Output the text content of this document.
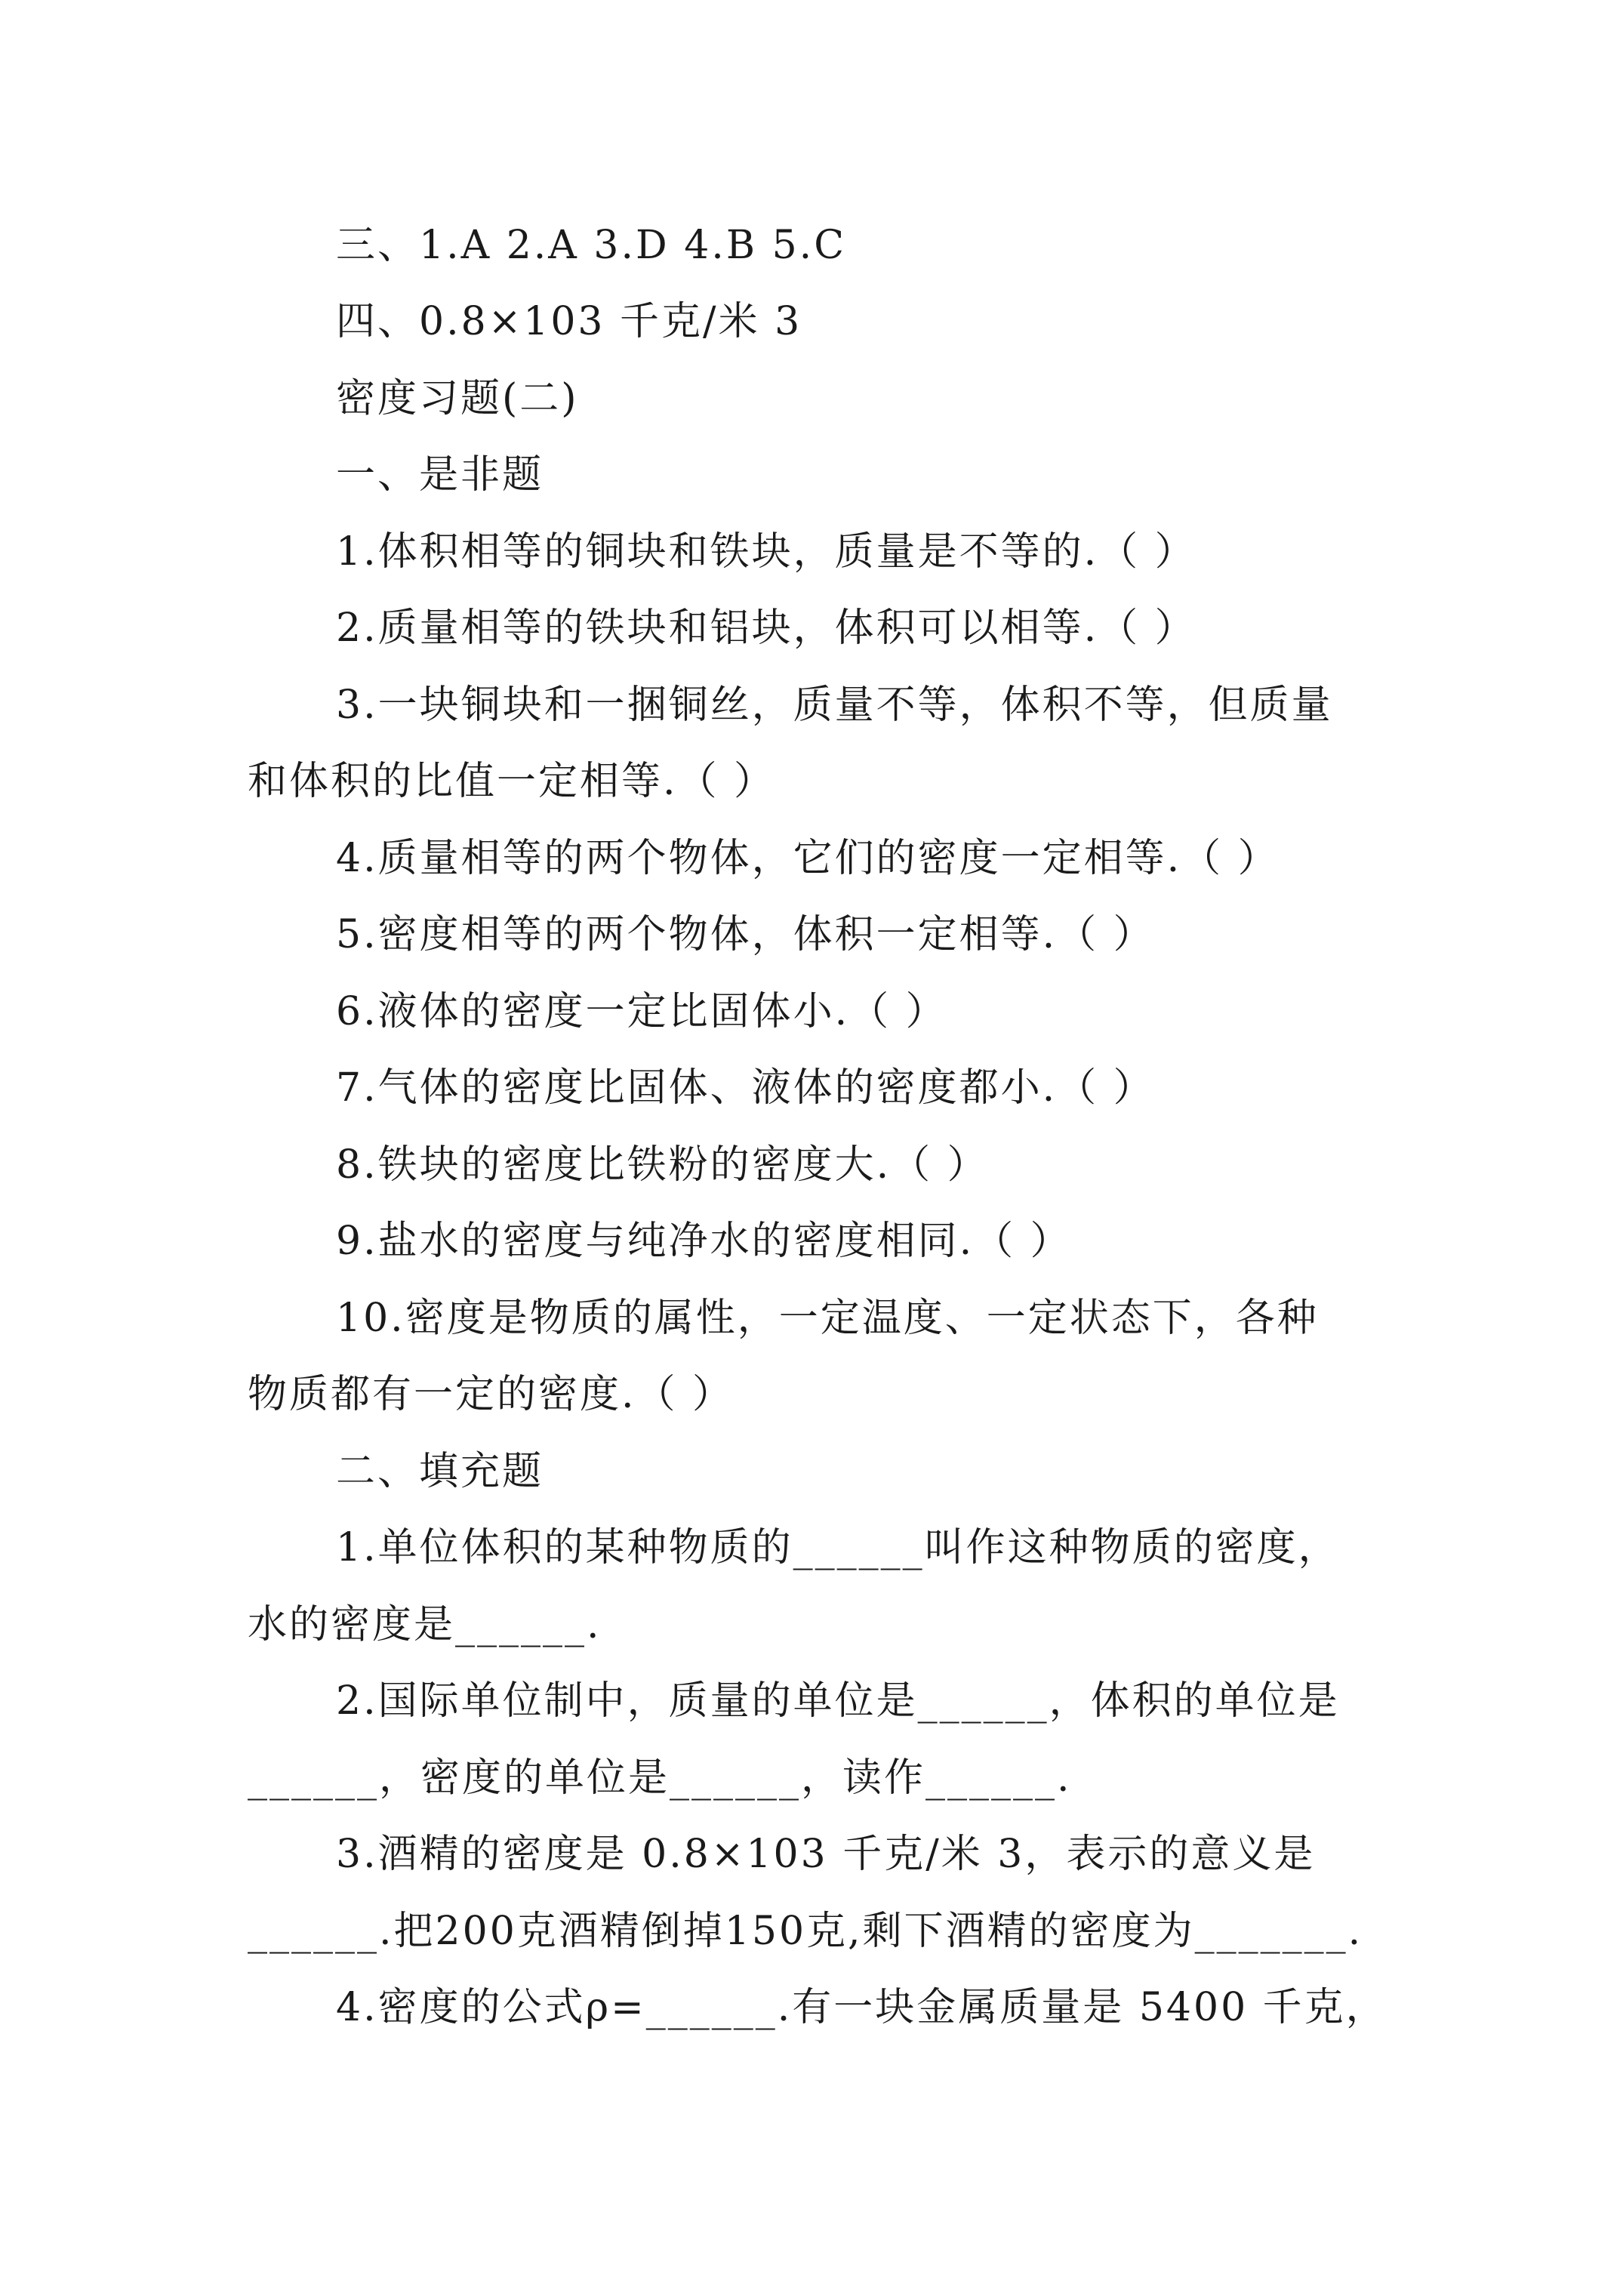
三、1.A 2.A 3.D 4.B 5.C
四、0.8×103 千克/米 3
密度习题(二)
一、是非题
1.体积相等的铜块和铁块，质量是不等的.（ ）
2.质量相等的铁块和铝块，体积可以相等.（ ）
3.一块铜块和一捆铜丝，质量不等，体积不等，但质量
和体积的比值一定相等.（ ）
4.质量相等的两个物体，它们的密度一定相等.（ ）
5.密度相等的两个物体，体积一定相等.（ ）
6.液体的密度一定比固体小.（ ）
7.气体的密度比固体、液体的密度都小.（ ）
8.铁块的密度比铁粉的密度大.（ ）
9.盐水的密度与纯净水的密度相同.（ ）
10.密度是物质的属性，一定温度、一定状态下，各种
物质都有一定的密度.（ ）
二、填充题
1.单位体积的某种物质的______叫作这种物质的密度，
水的密度是______.
2.国际单位制中，质量的单位是______，体积的单位是
______，密度的单位是______，读作______.
3.酒精的密度是 0.8×103 千克/米 3，表示的意义是
______.把200克酒精倒掉150克,剩下酒精的密度为_______.
4.密度的公式ρ=______.有一块金属质量是 5400 千克，
